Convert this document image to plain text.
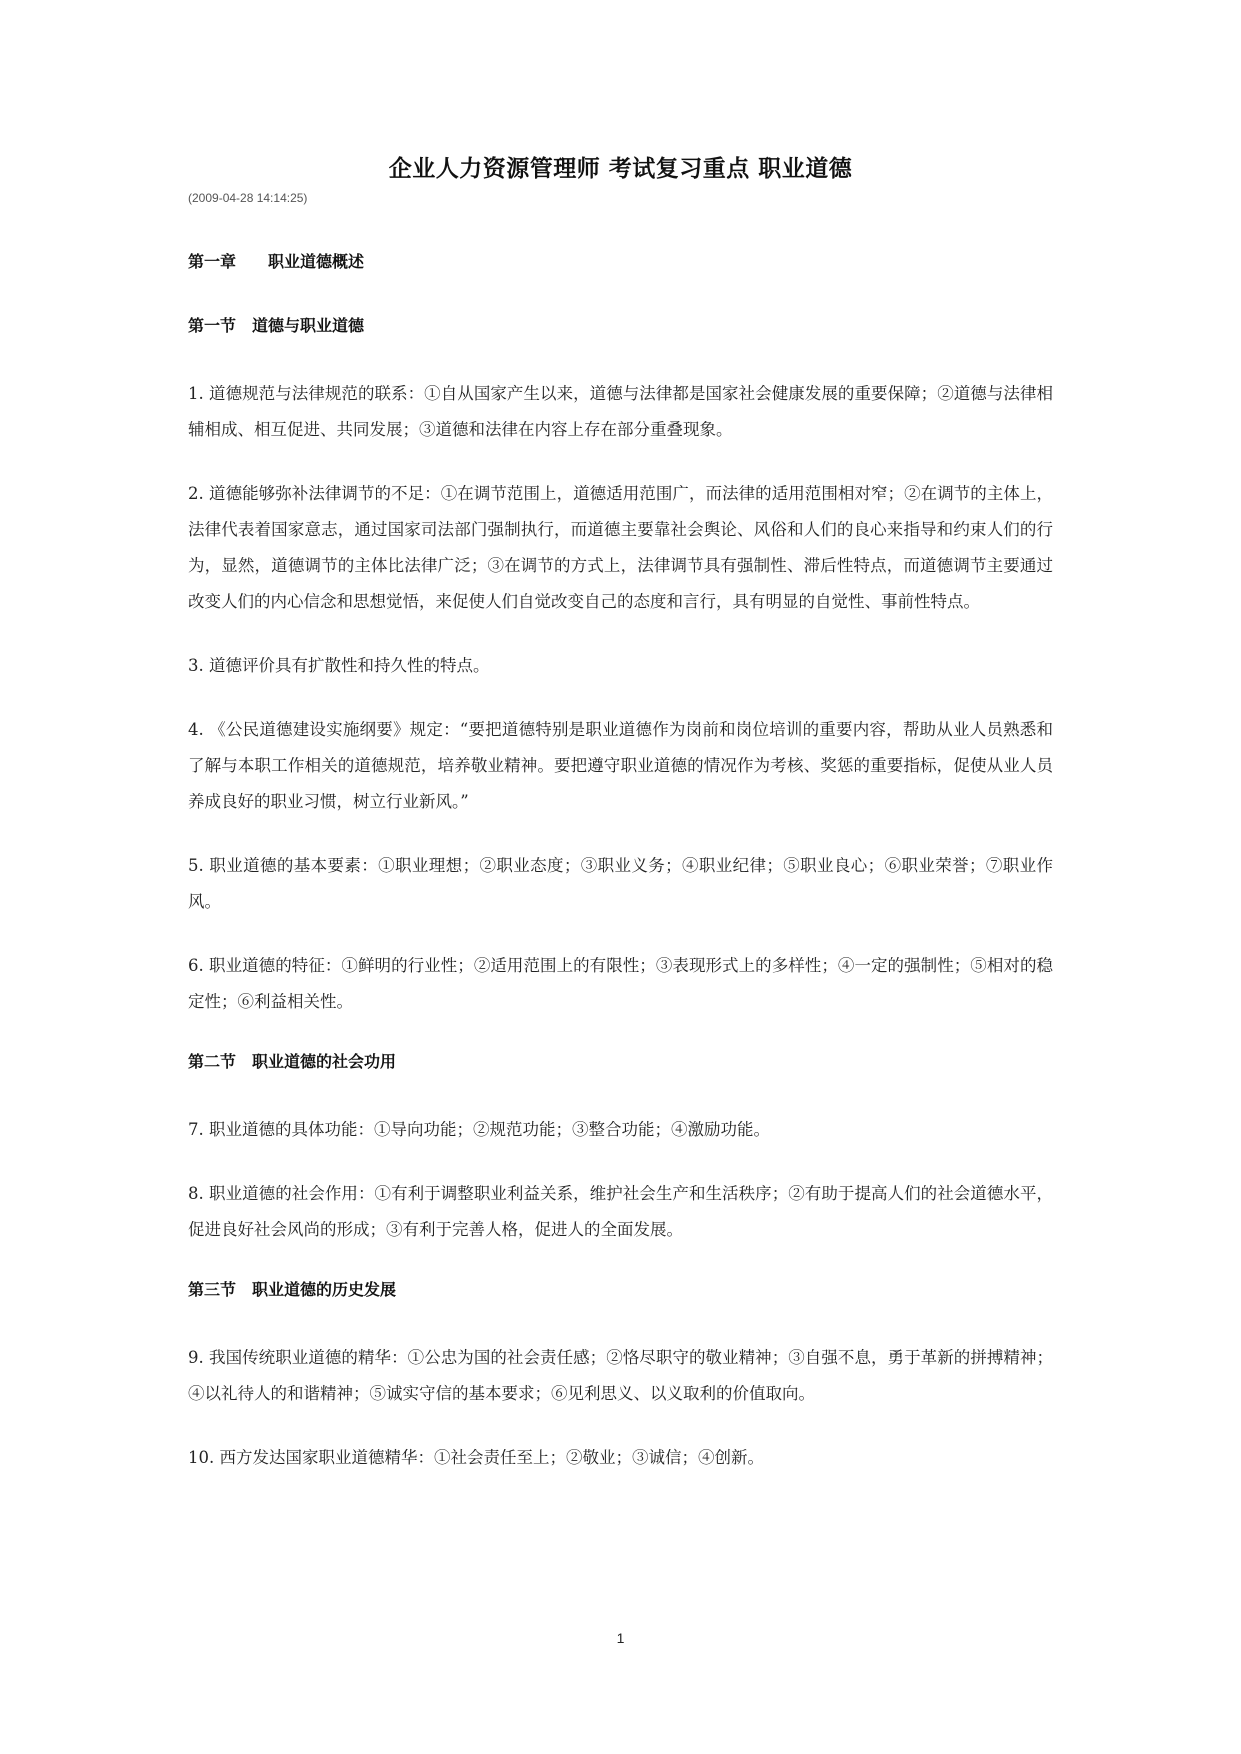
企业人力资源管理师 考试复习重点 职业道德
(2009-04-28 14:14:25)

第一章　　职业道德概述

第一节　道德与职业道德

1. 道德规范与法律规范的联系：①自从国家产生以来，道德与法律都是国家社会健康发展的重要保障；②道德与法律相辅相成、相互促进、共同发展；③道德和法律在内容上存在部分重叠现象。

2. 道德能够弥补法律调节的不足：①在调节范围上，道德适用范围广，而法律的适用范围相对窄；②在调节的主体上，法律代表着国家意志，通过国家司法部门强制执行，而道德主要靠社会舆论、风俗和人们的良心来指导和约束人们的行为，显然，道德调节的主体比法律广泛；③在调节的方式上，法律调节具有强制性、滞后性特点，而道德调节主要通过改变人们的内心信念和思想觉悟，来促使人们自觉改变自己的态度和言行，具有明显的自觉性、事前性特点。

3. 道德评价具有扩散性和持久性的特点。

4. 《公民道德建设实施纲要》规定：“要把道德特别是职业道德作为岗前和岗位培训的重要内容，帮助从业人员熟悉和了解与本职工作相关的道德规范，培养敬业精神。要把遵守职业道德的情况作为考核、奖惩的重要指标，促使从业人员养成良好的职业习惯，树立行业新风。”

5. 职业道德的基本要素：①职业理想；②职业态度；③职业义务；④职业纪律；⑤职业良心；⑥职业荣誉；⑦职业作风。

6. 职业道德的特征：①鲜明的行业性；②适用范围上的有限性；③表现形式上的多样性；④一定的强制性；⑤相对的稳定性；⑥利益相关性。

第二节　职业道德的社会功用

7. 职业道德的具体功能：①导向功能；②规范功能；③整合功能；④激励功能。

8. 职业道德的社会作用：①有利于调整职业利益关系，维护社会生产和生活秩序；②有助于提高人们的社会道德水平，促进良好社会风尚的形成；③有利于完善人格，促进人的全面发展。

第三节　职业道德的历史发展

9. 我国传统职业道德的精华：①公忠为国的社会责任感；②恪尽职守的敬业精神；③自强不息，勇于革新的拼搏精神；④以礼待人的和谐精神；⑤诚实守信的基本要求；⑥见利思义、以义取利的价值取向。

10. 西方发达国家职业道德精华：①社会责任至上；②敬业；③诚信；④创新。

1
